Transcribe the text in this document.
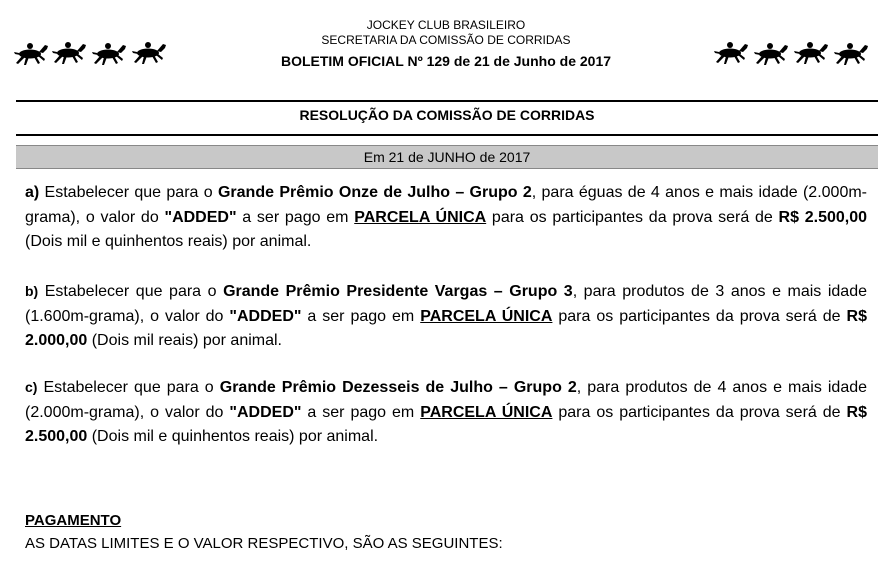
JOCKEY CLUB BRASILEIRO
SECRETARIA DA COMISSÃO DE CORRIDAS
BOLETIM OFICIAL Nº 129 de 21 de Junho de 2017
RESOLUÇÃO DA COMISSÃO DE CORRIDAS
Em 21 de JUNHO de 2017
a) Estabelecer que para o Grande Prêmio Onze de Julho – Grupo 2, para éguas de 4 anos e mais idade (2.000m-grama), o valor do "ADDED" a ser pago em PARCELA ÚNICA para os participantes da prova será de R$ 2.500,00 (Dois mil e quinhentos reais) por animal.
b) Estabelecer que para o Grande Prêmio Presidente Vargas – Grupo 3, para produtos de 3 anos e mais idade (1.600m-grama), o valor do "ADDED" a ser pago em PARCELA ÚNICA para os participantes da prova será de R$ 2.000,00 (Dois mil reais) por animal.
c) Estabelecer que para o Grande Prêmio Dezesseis de Julho – Grupo 2, para produtos de 4 anos e mais idade (2.000m-grama), o valor do "ADDED" a ser pago em PARCELA ÚNICA para os participantes da prova será de R$ 2.500,00 (Dois mil e quinhentos reais) por animal.
PAGAMENTO
AS DATAS LIMITES E O VALOR RESPECTIVO, SÃO AS SEGUINTES:
